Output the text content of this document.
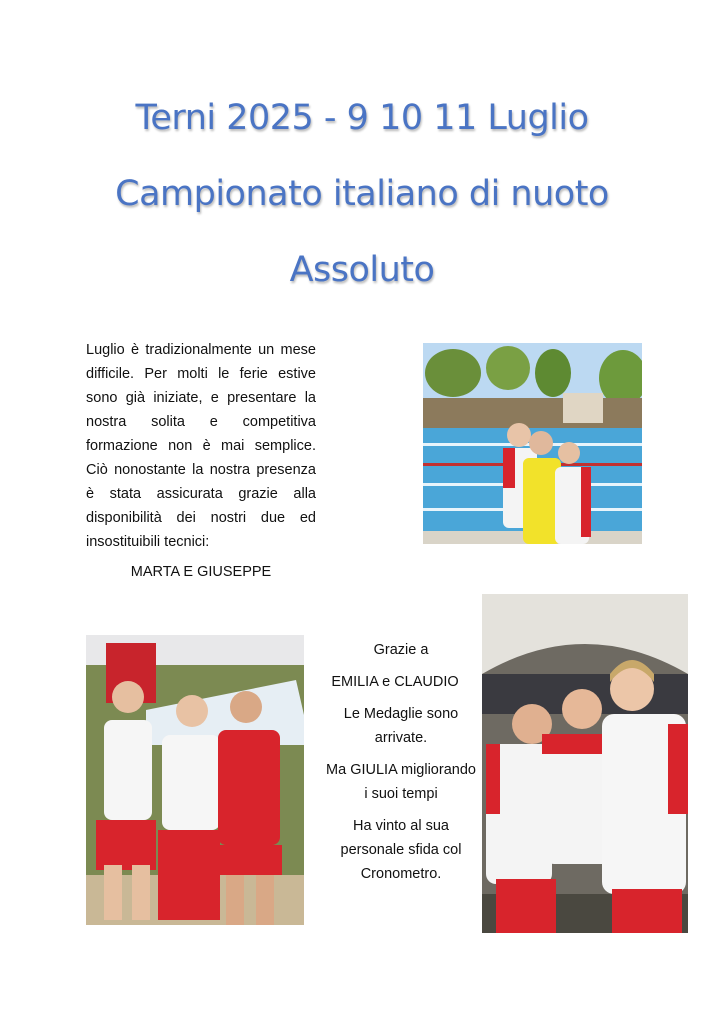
Terni 2025 - 9 10 11 Luglio
Campionato italiano di nuoto
Assoluto
Luglio è tradizionalmente un mese difficile. Per molti le ferie estive sono già iniziate, e presentare la nostra solita e competitiva formazione non è mai semplice. Ciò nonostante la nostra presenza è stata assicurata grazie alla disponibilità dei nostri due ed insostituibili tecnici:
MARTA E GIUSEPPE

Grazie a

EMILIA e CLAUDIO

Le Medaglie sono arrivate.

Ma GIULIA migliorando i suoi tempi

Ha vinto al sua personale sfida col Cronometro.
